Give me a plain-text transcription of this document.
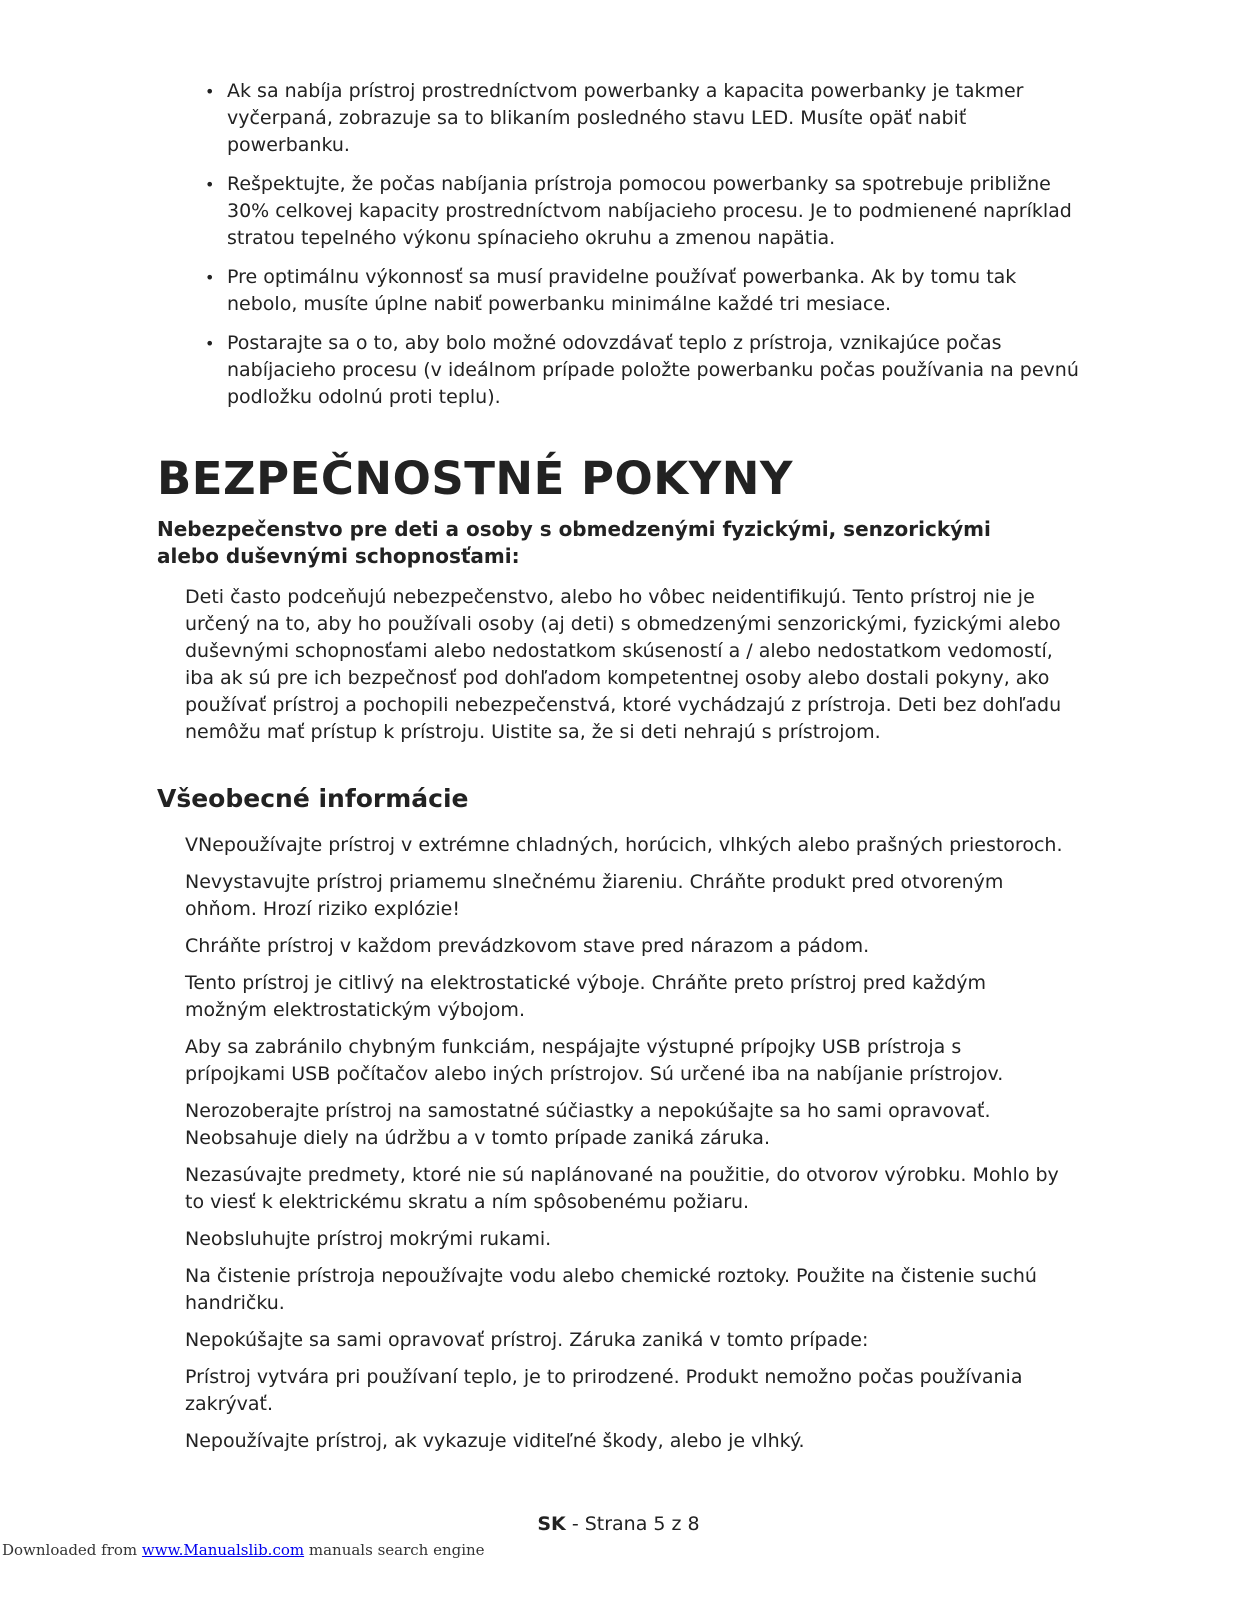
• Ak sa nabíja prístroj prostredníctvom powerbanky a kapacita powerbanky je takmer vyčerpaná, zobrazuje sa to blikaním posledného stavu LED. Musíte opäť nabiť powerbanku.
• Rešpektujte, že počas nabíjania prístroja pomocou powerbanky sa spotrebuje približne 30% celkovej kapacity prostredníctvom nabíjacieho procesu. Je to podmienené napríklad stratou tepelného výkonu spínacieho okruhu a zmenou napätia.
• Pre optimálnu výkonnosť sa musí pravidelne používať powerbanka. Ak by tomu tak nebolo, musíte úplne nabiť powerbanku minimálne každé tri mesiace.
• Postarajte sa o to, aby bolo možné odovzdávať teplo z prístroja, vznikajúce počas nabíjacieho procesu (v ideálnom prípade položte powerbanku počas používania na pevnú podložku odolnú proti teplu).
BEZPEČNOSTNÉ POKYNY
Nebezpečenstvo pre deti a osoby s obmedzenými fyzickými, senzorickými alebo duševnými schopnosťami:

Deti často podceňujú nebezpečenstvo, alebo ho vôbec neidentifikujú. Tento prístroj nie je určený na to, aby ho používali osoby (aj deti) s obmedzenými senzorickými, fyzickými alebo duševnými schopnosťami alebo nedostatkom skúseností a / alebo nedostatkom vedomostí, iba ak sú pre ich bezpečnosť pod dohľadom kompetentnej osoby alebo dostali pokyny, ako používať prístroj a pochopili nebezpečenstvá, ktoré vychádzajú z prístroja. Deti bez dohľadu nemôžu mať prístup k prístroju. Uistite sa, že si deti nehrajú s prístrojom.

Všeobecné informácie

VNepoužívajte prístroj v extrémne chladných, horúcich, vlhkých alebo prašných priestoroch.

Nevystavujte prístroj priamemu slnečnému žiareniu. Chráňte produkt pred otvoreným ohňom. Hrozí riziko explózie!

Chráňte prístroj v každom prevádzkovom stave pred nárazom a pádom.

Tento prístroj je citlivý na elektrostatické výboje. Chráňte preto prístroj pred každým možným elektrostatickým výbojom.

Aby sa zabránilo chybným funkciám, nespájajte výstupné prípojky USB prístroja s prípojkami USB počítačov alebo iných prístrojov. Sú určené iba na nabíjanie prístrojov.

Nerozoberajte prístroj na samostatné súčiastky a nepokúšajte sa ho sami opravovať. Neobsahuje diely na údržbu a v tomto prípade zaniká záruka.

Nezasúvajte predmety, ktoré nie sú naplánované na použitie, do otvorov výrobku. Mohlo by to viesť k elektrickému skratu a ním spôsobenému požiaru.

Neobsluhujte prístroj mokrými rukami.

Na čistenie prístroja nepoužívajte vodu alebo chemické roztoky. Použite na čistenie suchú handričku.

Nepokúšajte sa sami opravovať prístroj. Záruka zaniká v tomto prípade:

Prístroj vytvára pri používaní teplo, je to prirodzené. Produkt nemožno počas používania zakrývať.

Nepoužívajte prístroj, ak vykazuje viditeľné škody, alebo je vlhký.

SK - Strana 5 z 8
Downloaded from www.Manualslib.com manuals search engine
